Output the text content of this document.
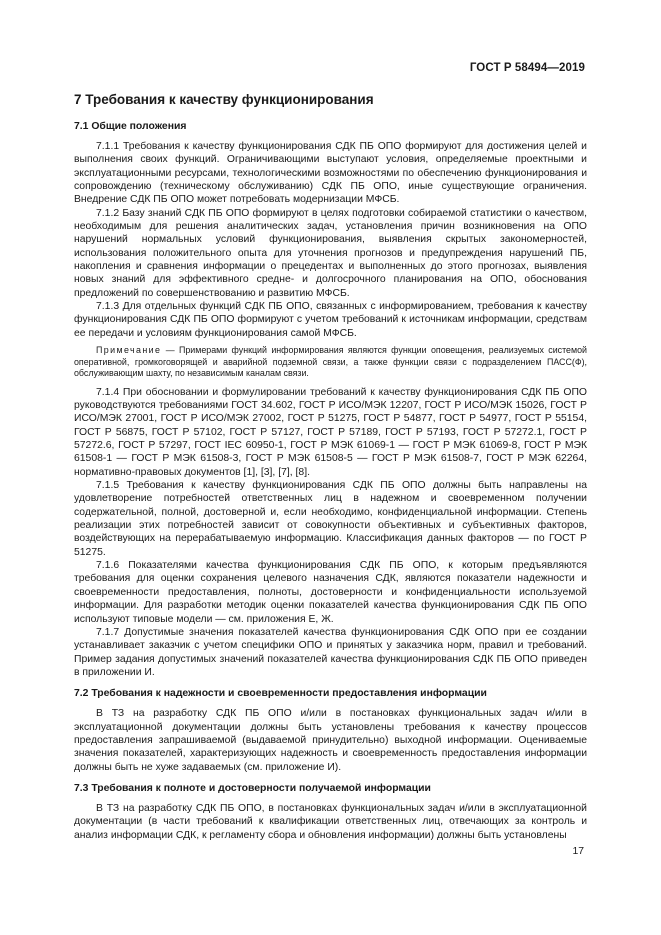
ГОСТ Р 58494—2019
7 Требования к качеству функционирования
7.1 Общие положения

7.1.1 Требования к качеству функционирования СДК ПБ ОПО формируют для достижения целей и выполнения своих функций. Ограничивающими выступают условия, определяемые проектными и эксплуатационными ресурсами, технологическими возможностями по обеспечению функционирования и сопровождению (техническому обслуживанию) СДК ПБ ОПО, иные существующие ограничения. Внедрение СДК ПБ ОПО может потребовать модернизации МФСБ.

7.1.2 Базу знаний СДК ПБ ОПО формируют в целях подготовки собираемой статистики о качеством, необходимым для решения аналитических задач, установления причин возникновения на ОПО нарушений нормальных условий функционирования, выявления скрытых закономерностей, использования положительного опыта для уточнения прогнозов и предупреждения нарушений ПБ, накопления и сравнения информации о прецедентах и выполненных до этого прогнозах, выявления новых знаний для эффективного средне- и долгосрочного планирования на ОПО, обоснования предложений по совершенствованию и развитию МФСБ.

7.1.3 Для отдельных функций СДК ПБ ОПО, связанных с информированием, требования к качеству функционирования СДК ПБ ОПО формируют с учетом требований к источникам информации, средствам ее передачи и условиям функционирования самой МФСБ.

Примечание — Примерами функций информирования являются функции оповещения, реализуемых системой оперативной, громкоговорящей и аварийной подземной связи, а также функции связи с подразделением ПАСС(Ф), обслуживающим шахту, по независимым каналам связи.

7.1.4 При обосновании и формулировании требований к качеству функционирования СДК ПБ ОПО руководствуются требованиями ГОСТ 34.602, ГОСТ Р ИСО/МЭК 12207, ГОСТ Р ИСО/МЭК 15026, ГОСТ Р ИСО/МЭК 27001, ГОСТ Р ИСО/МЭК 27002, ГОСТ Р 51275, ГОСТ Р 54877, ГОСТ Р 54977, ГОСТ Р 55154, ГОСТ Р 56875, ГОСТ Р 57102, ГОСТ Р 57127, ГОСТ Р 57189, ГОСТ Р 57193, ГОСТ Р 57272.1, ГОСТ Р 57272.6, ГОСТ Р 57297, ГОСТ IEC 60950-1, ГОСТ Р МЭК 61069-1 — ГОСТ Р МЭК 61069-8, ГОСТ Р МЭК 61508-1 — ГОСТ Р МЭК 61508-3, ГОСТ Р МЭК 61508-5 — ГОСТ Р МЭК 61508-7, ГОСТ Р МЭК 62264, нормативно-правовых документов [1], [3], [7], [8].

7.1.5 Требования к качеству функционирования СДК ПБ ОПО должны быть направлены на удовлетворение потребностей ответственных лиц в надежном и своевременном получении содержательной, полной, достоверной и, если необходимо, конфиденциальной информации. Степень реализации этих потребностей зависит от совокупности объективных и субъективных факторов, воздействующих на перерабатываемую информацию. Классификация данных факторов — по ГОСТ Р 51275.

7.1.6 Показателями качества функционирования СДК ПБ ОПО, к которым предъявляются требования для оценки сохранения целевого назначения СДК, являются показатели надежности и своевременности предоставления, полноты, достоверности и конфиденциальности используемой информации. Для разработки методик оценки показателей качества функционирования СДК ПБ ОПО используют типовые модели — см. приложения Е, Ж.

7.1.7 Допустимые значения показателей качества функционирования СДК ОПО при ее создании устанавливает заказчик с учетом специфики ОПО и принятых у заказчика норм, правил и требований. Пример задания допустимых значений показателей качества функционирования СДК ПБ ОПО приведен в приложении И.

7.2 Требования к надежности и своевременности предоставления информации

В ТЗ на разработку СДК ПБ ОПО и/или в постановках функциональных задач и/или в эксплуатационной документации должны быть установлены требования к качеству процессов предоставления запрашиваемой (выдаваемой принудительно) выходной информации. Оцениваемые значения показателей, характеризующих надежность и своевременность предоставления информации должны быть не хуже задаваемых (см. приложение И).

7.3 Требования к полноте и достоверности получаемой информации

В ТЗ на разработку СДК ПБ ОПО, в постановках функциональных задач и/или в эксплуатационной документации (в части требований к квалификации ответственных лиц, отвечающих за контроль и анализ информации СДК, к регламенту сбора и обновления информации) должны быть установлены

17
